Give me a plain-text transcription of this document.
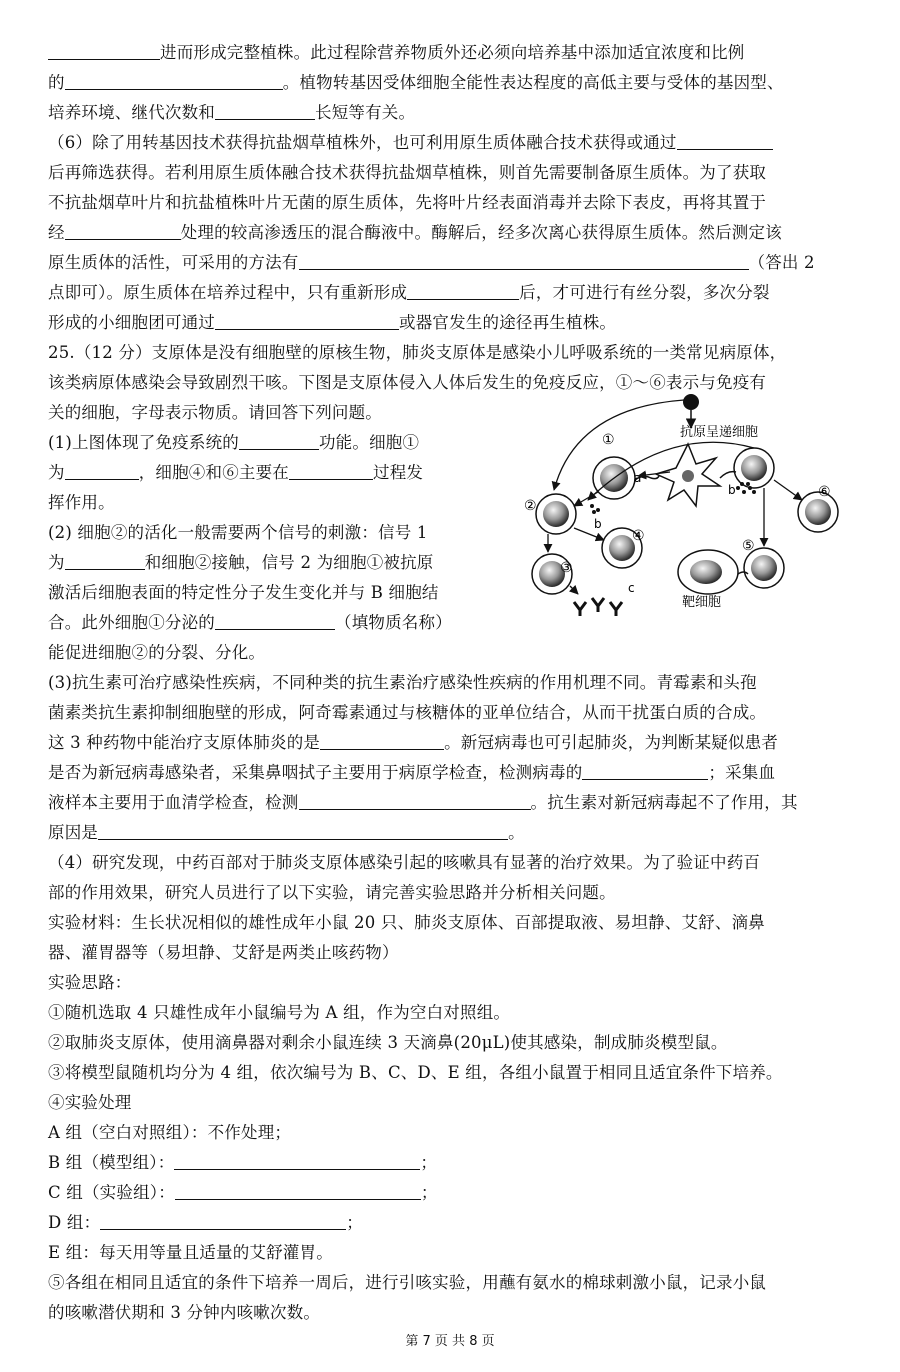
进而形成完整植株。此过程除营养物质外还必须向培养基中添加适宜浓度和比例
的	。植物转基因受体细胞全能性表达程度的高低主要与受体的基因型、
培养环境、继代次数和	长短等有关。
（6）除了用转基因技术获得抗盐烟草植株外，也可利用原生质体融合技术获得或通过
后再筛选获得。若利用原生质体融合技术获得抗盐烟草植株，则首先需要制备原生质体。为了获取
不抗盐烟草叶片和抗盐植株叶片无菌的原生质体，先将叶片经表面消毒并去除下表皮，再将其置于
经	处理的较高渗透压的混合酶液中。酶解后，经多次离心获得原生质体。然后测定该
原生质体的活性，可采用的方法有	（答出 2
点即可）。原生质体在培养过程中，只有重新形成	后，才可进行有丝分裂，多次分裂
形成的小细胞团可通过	或器官发生的途径再生植株。
25.（12 分）支原体是没有细胞壁的原核生物，肺炎支原体是感染小儿呼吸系统的一类常见病原体，
该类病原体感染会导致剧烈干咳。下图是支原体侵入人体后发生的免疫反应，①～⑥表示与免疫有
关的细胞，字母表示物质。请回答下列问题。
(1)上图体现了免疫系统的	功能。细胞①
为	，细胞④和⑥主要在	过程发
挥作用。
(2) 细胞②的活化一般需要两个信号的刺激：信号 1
为	和细胞②接触，信号 2 为细胞①被抗原
激活后细胞表面的特定性分子发生变化并与 B 细胞结
合。此外细胞①分泌的	（填物质名称）
能促进细胞②的分裂、分化。
(3)抗生素可治疗感染性疾病，不同种类的抗生素治疗感染性疾病的作用机理不同。青霉素和头孢
菌素类抗生素抑制细胞壁的形成，阿奇霉素通过与核糖体的亚单位结合，从而干扰蛋白质的合成。
这 3 种药物中能治疗支原体肺炎的是	。新冠病毒也可引起肺炎，为判断某疑似患者
是否为新冠病毒感染者，采集鼻咽拭子主要用于病原学检查，检测病毒的	；采集血
液样本主要用于血清学检查，检测	。抗生素对新冠病毒起不了作用，其
原因是	。
（4）研究发现，中药百部对于肺炎支原体感染引起的咳嗽具有显著的治疗效果。为了验证中药百
部的作用效果，研究人员进行了以下实验，请完善实验思路并分析相关问题。
实验材料：生长状况相似的雄性成年小鼠 20 只、肺炎支原体、百部提取液、易坦静、艾舒、滴鼻
器、灌胃器等（易坦静、艾舒是两类止咳药物）
实验思路：
①随机选取 4 只雄性成年小鼠编号为 A 组，作为空白对照组。
②取肺炎支原体，使用滴鼻器对剩余小鼠连续 3 天滴鼻(20μL)使其感染，制成肺炎模型鼠。
③将模型鼠随机均分为 4 组，依次编号为 B、C、D、E 组，各组小鼠置于相同且适宜条件下培养。
④实验处理
A 组（空白对照组）：不作处理；
B 组（模型组）：	；
C 组（实验组）：	；
D 组：	；
E 组：每天用等量且适量的艾舒灌胃。
⑤各组在相同且适宜的条件下培养一周后，进行引咳实验，用蘸有氨水的棉球刺激小鼠，记录小鼠
的咳嗽潜伏期和 3 分钟内咳嗽次数。
抗原呈递细胞
①
a
b
②
b
③
c
④
⑤
⑥
靶细胞
第 7 页 共 8 页
